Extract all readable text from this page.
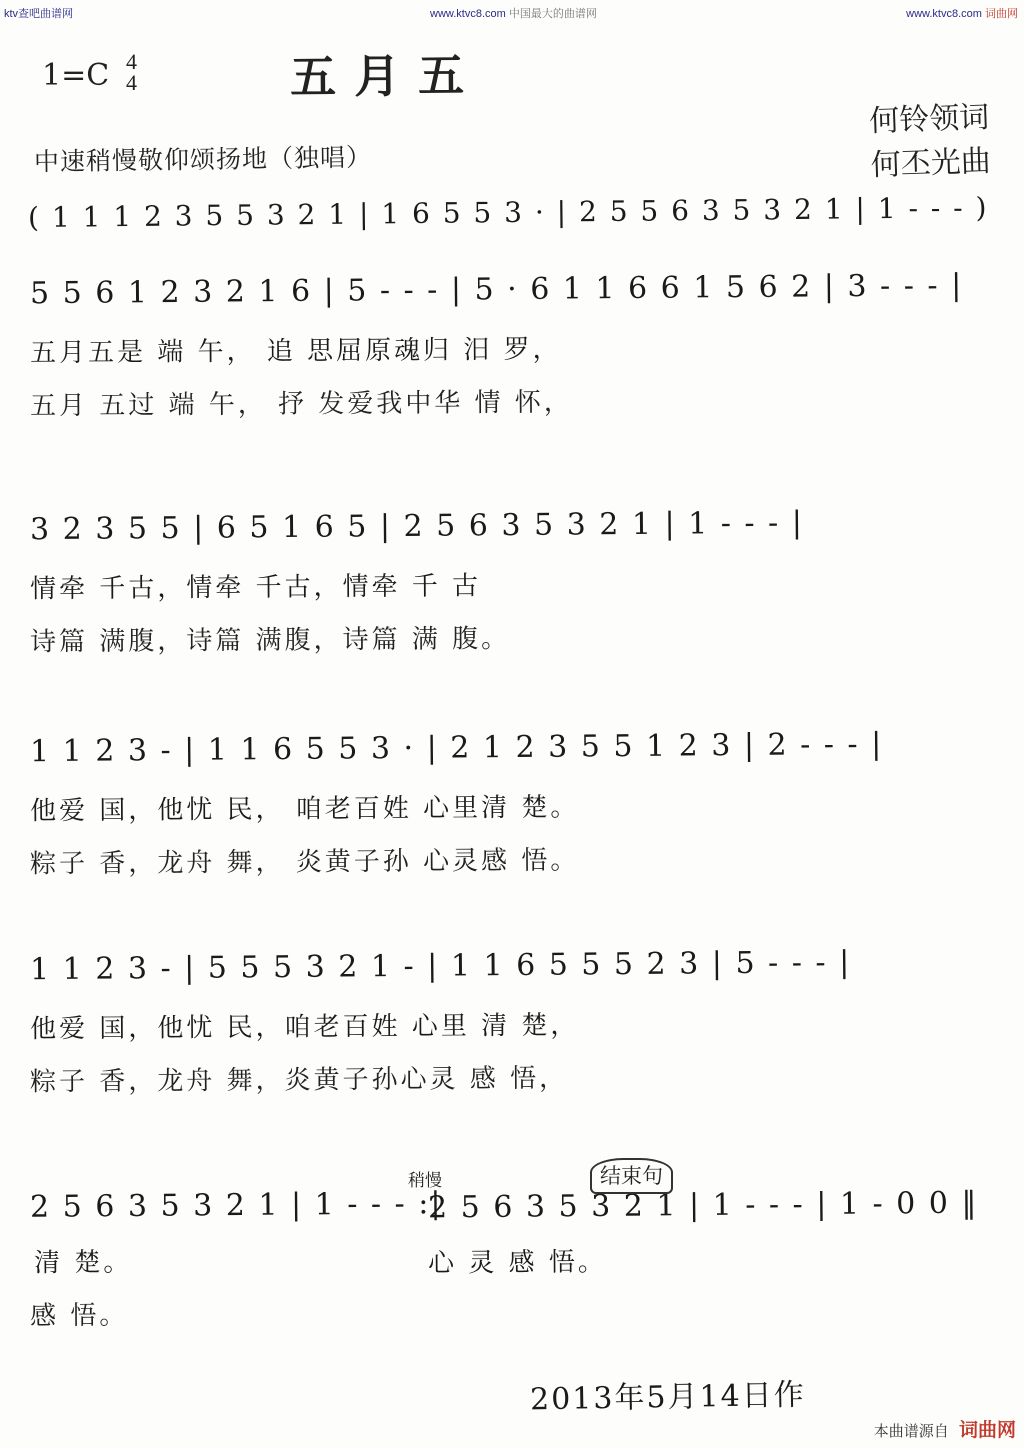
ktv查吧曲谱网	www.ktvc8.com 中国最大的曲谱网	www.ktvc8.com 词曲网
五月五
1=C 4
4
中速稍慢敬仰颂扬地（独唱）
何铃领词
何丕光曲
( 1 1 1 2 3 5 5 3 2 1 | 1 6 5 5 3 · | 2 5 5 6 3 5 3 2 1 | 1 - - - )
5 5 6 1 2 3 2 1 6 | 5 - - - | 5 · 6 1 1 6 6 1 5 6 2 | 3 - - - |
五月五是 端 午， 追 思屈原魂归 汨 罗，
五月 五过 端 午， 抒 发爱我中华 情 怀，
3 2 3 5 5 | 6 5 1 6 5 | 2 5 6 3 5 3 2 1 | 1 - - - |
情牵 千古，情牵 千古，情牵 千 古
诗篇 满腹，诗篇 满腹，诗篇 满 腹。
1 1 2 3 - | 1 1 6 5 5 3 · | 2 1 2 3 5 5 1 2 3 | 2 - - - |
他爱 国，他忧 民， 咱老百姓 心里清 楚。
粽子 香，龙舟 舞， 炎黄子孙 心灵感 悟。
1 1 2 3 - | 5 5 5 3 2 1 - | 1 1 6 5 5 5 2 3 | 5 - - - |
他爱 国，他忧 民，咱老百姓 心里 清 楚，
粽子 香，龙舟 舞，炎黄子孙心灵 感 悟，
2 5 6 3 5 3 2 1 | 1 - - - :|
2 5 6 3 5 3 2 1 | 1 - - - | 1 - 0 0 ‖
稍慢	结束句
清 楚。	心 灵 感 悟。
感 悟。
2013年5月14日作
本曲谱源自 词曲网
